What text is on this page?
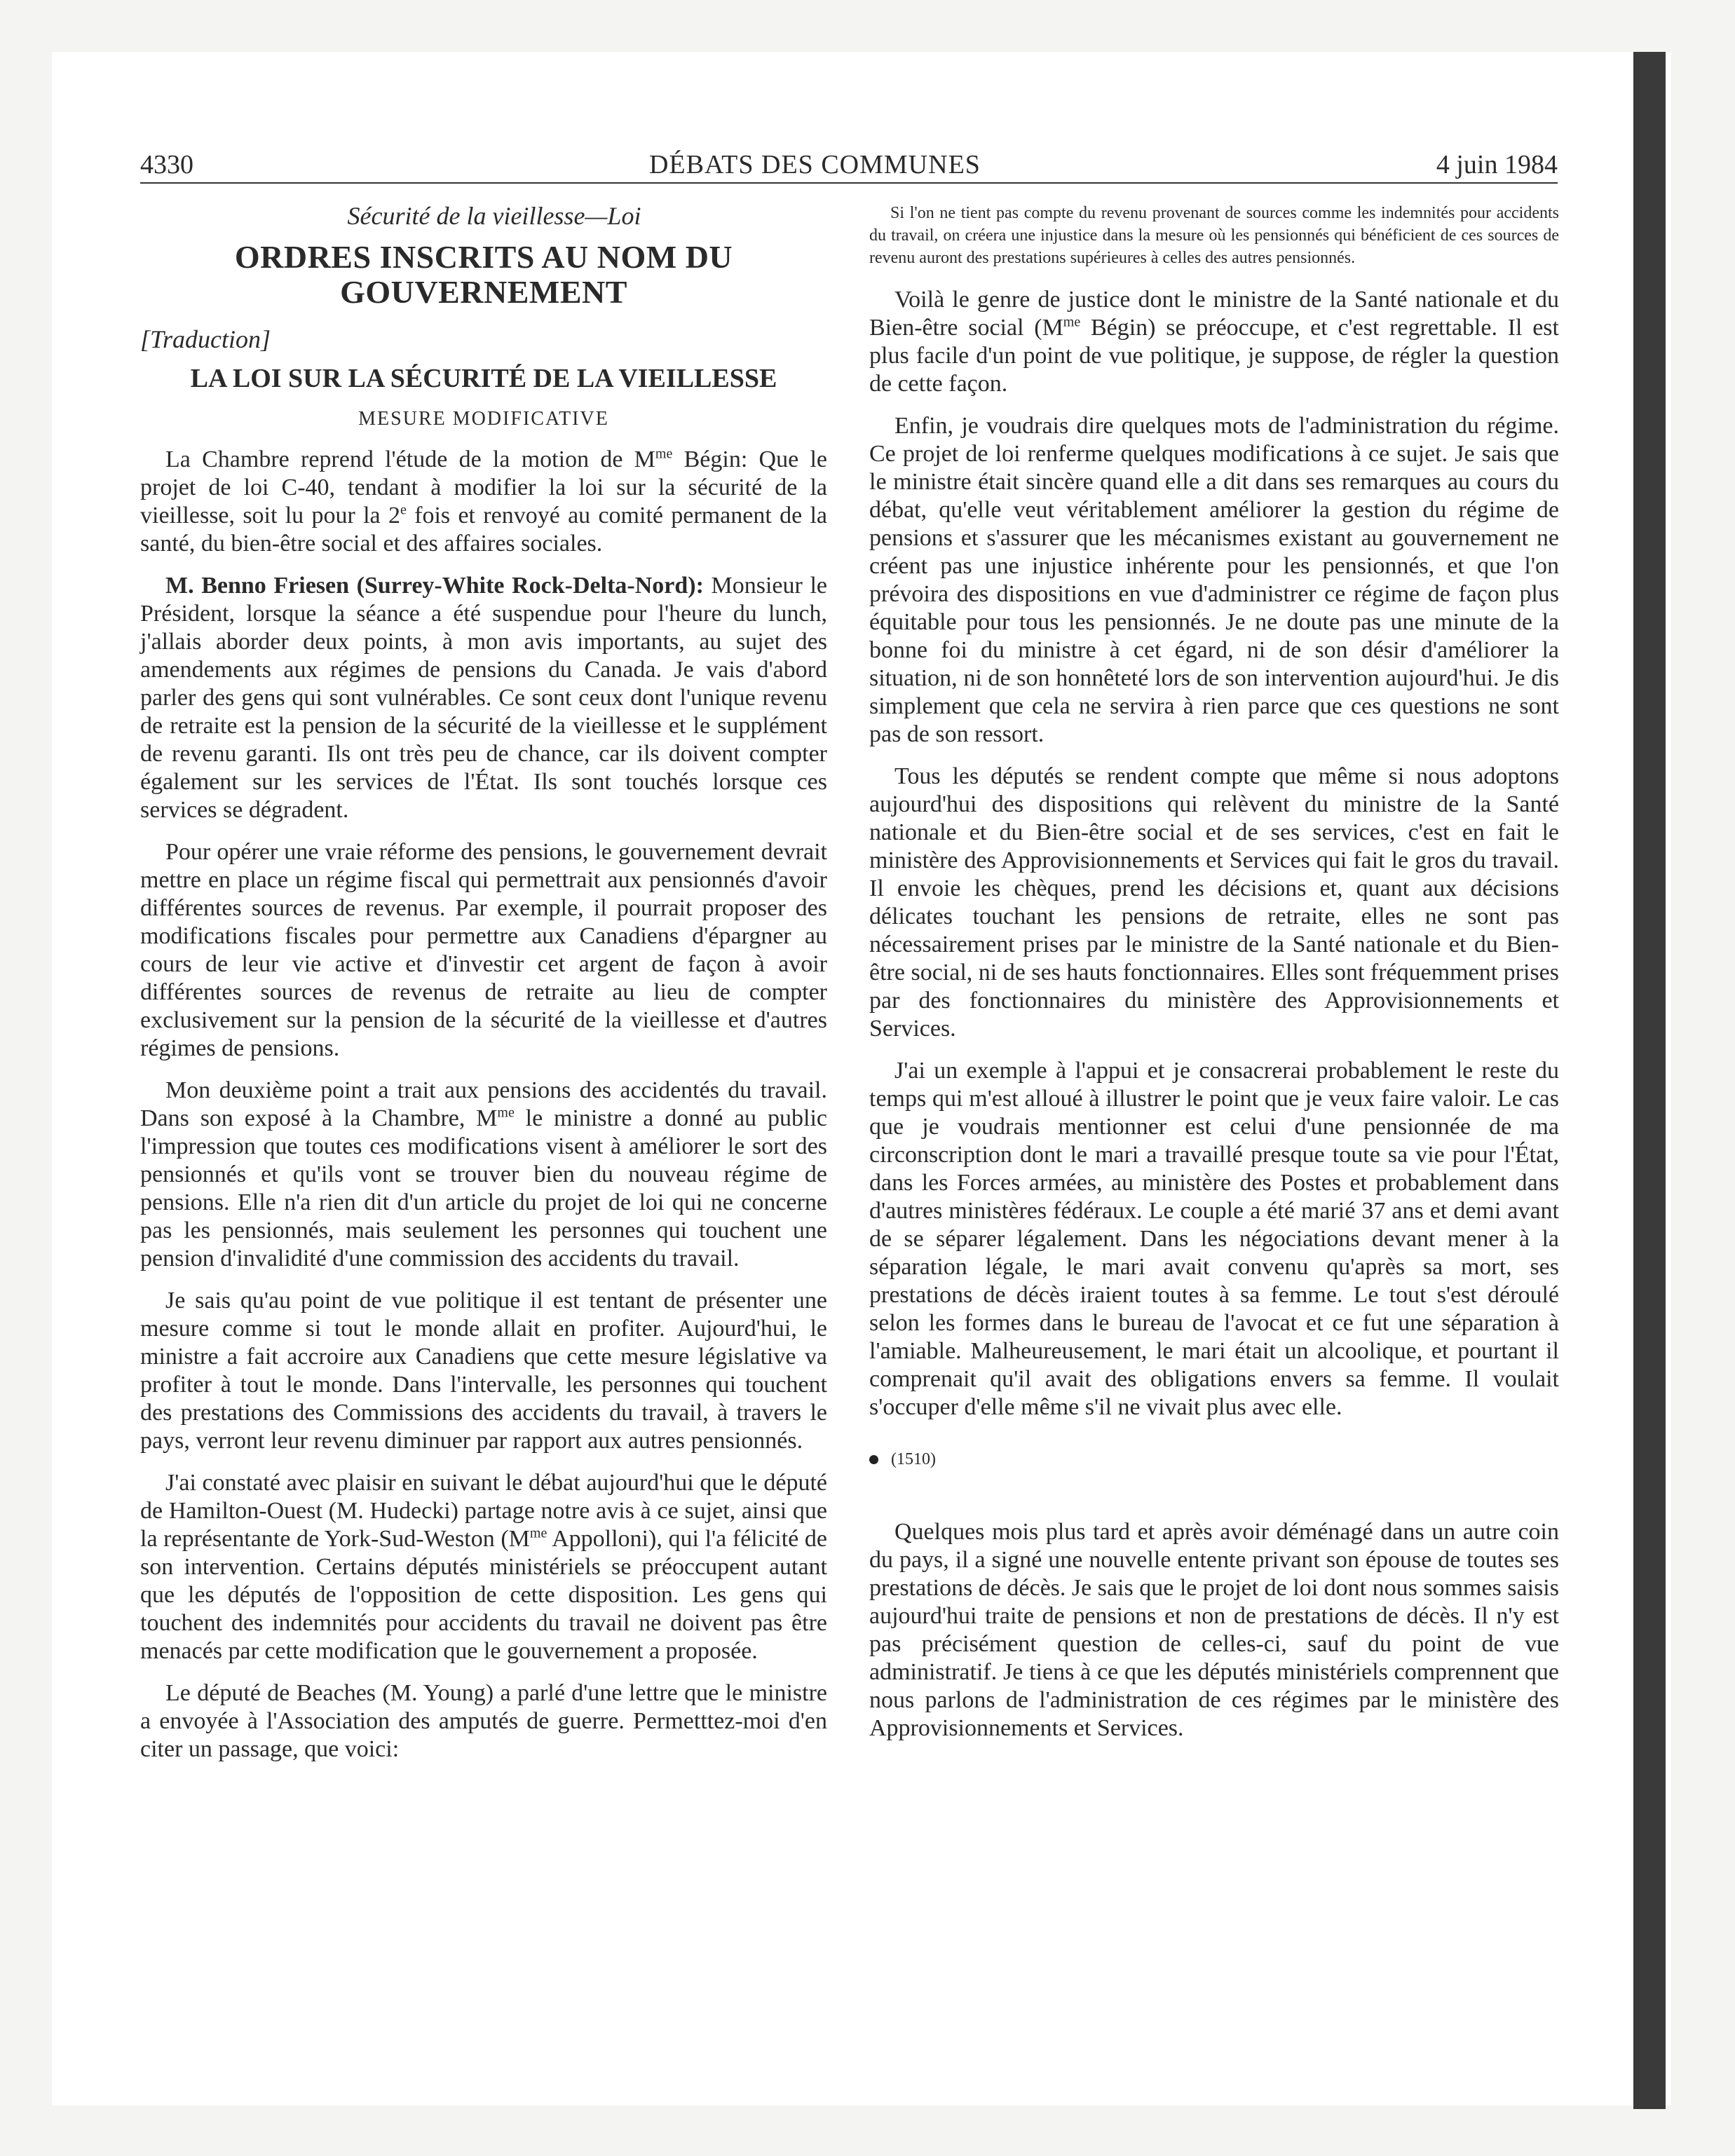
4330	DÉBATS DES COMMUNES	4 juin 1984
Sécurité de la vieillesse—Loi
ORDRES INSCRITS AU NOM DU GOUVERNEMENT
[Traduction]
LA LOI SUR LA SÉCURITÉ DE LA VIEILLESSE
MESURE MODIFICATIVE

La Chambre reprend l'étude de la motion de $M^{me}$ Bégin: Que le projet de loi C-40, tendant à modifier la loi sur la sécurité de la vieillesse, soit lu pour la 2e fois et renvoyé au comité permanent de la santé, du bien-être social et des affaires sociales.

M. Benno Friesen (Surrey-White Rock-Delta-Nord): Monsieur le Président, lorsque la séance a été suspendue pour l'heure du lunch, j'allais aborder deux points, à mon avis importants, au sujet des amendements aux régimes de pensions du Canada. Je vais d'abord parler des gens qui sont vulnérables. Ce sont ceux dont l'unique revenu de retraite est la pension de la sécurité de la vieillesse et le supplément de revenu garanti. Ils ont très peu de chance, car ils doivent compter également sur les services de l'État. Ils sont touchés lorsque ces services se dégradent.

Pour opérer une vraie réforme des pensions, le gouvernement devrait mettre en place un régime fiscal qui permettrait aux pensionnés d'avoir différentes sources de revenus. Par exemple, il pourrait proposer des modifications fiscales pour permettre aux Canadiens d'épargner au cours de leur vie active et d'investir cet argent de façon à avoir différentes sources de revenus de retraite au lieu de compter exclusivement sur la pension de la sécurité de la vieillesse et d'autres régimes de pensions.

Mon deuxième point a trait aux pensions des accidentés du travail. Dans son exposé à la Chambre, $M^{me}$ le ministre a donné au public l'impression que toutes ces modifications visent à améliorer le sort des pensionnés et qu'ils vont se trouver bien du nouveau régime de pensions. Elle n'a rien dit d'un article du projet de loi qui ne concerne pas les pensionnés, mais seulement les personnes qui touchent une pension d'invalidité d'une commission des accidents du travail.

Je sais qu'au point de vue politique il est tentant de présenter une mesure comme si tout le monde allait en profiter. Aujourd'hui, le ministre a fait accroire aux Canadiens que cette mesure législative va profiter à tout le monde. Dans l'intervalle, les personnes qui touchent des prestations des Commissions des accidents du travail, à travers le pays, verront leur revenu diminuer par rapport aux autres pensionnés.

J'ai constaté avec plaisir en suivant le débat aujourd'hui que le député de Hamilton-Ouest (M. Hudecki) partage notre avis à ce sujet, ainsi que la représentante de York-Sud-Weston ($M^{me}$ Appolloni), qui l'a félicité de son intervention. Certains députés ministériels se préoccupent autant que les députés de l'opposition de cette disposition. Les gens qui touchent des indemnités pour accidents du travail ne doivent pas être menacés par cette modification que le gouvernement a proposée.

Le député de Beaches (M. Young) a parlé d'une lettre que le ministre a envoyée à l'Association des amputés de guerre. Permetttez-moi d'en citer un passage, que voici:

Si l'on ne tient pas compte du revenu provenant de sources comme les indemnités pour accidents du travail, on créera une injustice dans la mesure où les pensionnés qui bénéficient de ces sources de revenu auront des prestations supérieures à celles des autres pensionnés.

Voilà le genre de justice dont le ministre de la Santé nationale et du Bien-être social ($M^{me}$ Bégin) se préoccupe, et c'est regrettable. Il est plus facile d'un point de vue politique, je suppose, de régler la question de cette façon.

Enfin, je voudrais dire quelques mots de l'administration du régime. Ce projet de loi renferme quelques modifications à ce sujet. Je sais que le ministre était sincère quand elle a dit dans ses remarques au cours du débat, qu'elle veut véritablement améliorer la gestion du régime de pensions et s'assurer que les mécanismes existant au gouvernement ne créent pas une injustice inhérente pour les pensionnés, et que l'on prévoira des dispositions en vue d'administrer ce régime de façon plus équitable pour tous les pensionnés. Je ne doute pas une minute de la bonne foi du ministre à cet égard, ni de son désir d'améliorer la situation, ni de son honnêteté lors de son intervention aujourd'hui. Je dis simplement que cela ne servira à rien parce que ces questions ne sont pas de son ressort.

Tous les députés se rendent compte que même si nous adoptons aujourd'hui des dispositions qui relèvent du ministre de la Santé nationale et du Bien-être social et de ses services, c'est en fait le ministère des Approvisionnements et Services qui fait le gros du travail. Il envoie les chèques, prend les décisions et, quant aux décisions délicates touchant les pensions de retraite, elles ne sont pas nécessairement prises par le ministre de la Santé nationale et du Bien-être social, ni de ses hauts fonctionnaires. Elles sont fréquemment prises par des fonctionnaires du ministère des Approvisionnements et Services.

J'ai un exemple à l'appui et je consacrerai probablement le reste du temps qui m'est alloué à illustrer le point que je veux faire valoir. Le cas que je voudrais mentionner est celui d'une pensionnée de ma circonscription dont le mari a travaillé presque toute sa vie pour l'État, dans les Forces armées, au ministère des Postes et probablement dans d'autres ministères fédéraux. Le couple a été marié 37 ans et demi avant de se séparer légalement. Dans les négociations devant mener à la séparation légale, le mari avait convenu qu'après sa mort, ses prestations de décès iraient toutes à sa femme. Le tout s'est déroulé selon les formes dans le bureau de l'avocat et ce fut une séparation à l'amiable. Malheureusement, le mari était un alcoolique, et pourtant il comprenait qu'il avait des obligations envers sa femme. Il voulait s'occuper d'elle même s'il ne vivait plus avec elle.

(1510)

Quelques mois plus tard et après avoir déménagé dans un autre coin du pays, il a signé une nouvelle entente privant son épouse de toutes ses prestations de décès. Je sais que le projet de loi dont nous sommes saisis aujourd'hui traite de pensions et non de prestations de décès. Il n'y est pas précisément question de celles-ci, sauf du point de vue administratif. Je tiens à ce que les députés ministériels comprennent que nous parlons de l'administration de ces régimes par le ministère des Approvisionnements et Services.
